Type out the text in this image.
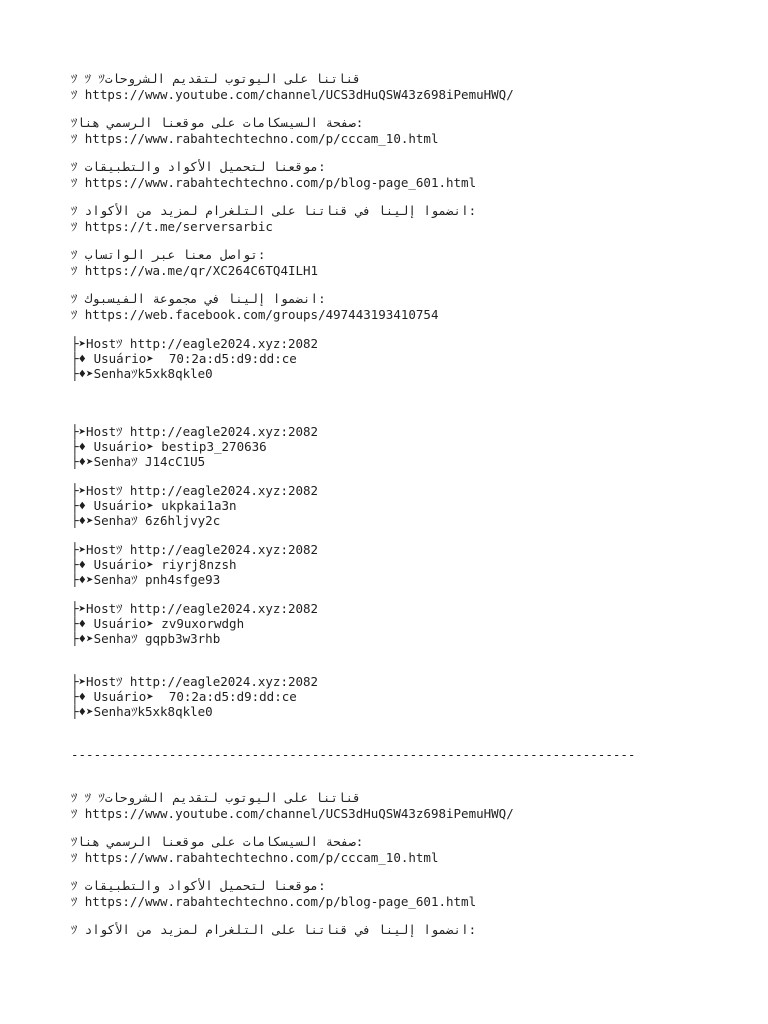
ﾂ ﾂ ﾂقناتنا على اليوتوب لتقديم الشروحات
ﾂ https://www.youtube.com/channel/UCS3dHuQSW43z698iPemuHWQ/
ﾂصفحة السيسكامات على موقعنا الرسمي هنا:
ﾂ https://www.rabahtechtechno.com/p/cccam_10.html
ﾂ موقعنا لتحميل الأكواد والتطبيقات:
ﾂ https://www.rabahtechtechno.com/p/blog-page_601.html
ﾂ انضموا إلينا في قناتنا على التلغرام لمزيد من الأكواد:
ﾂ https://t.me/serversarbic
ﾂ تواصل معنا عبر الواتساب:
ﾂ https://wa.me/qr/XC264C6TQ4ILH1
ﾂ انضموا إلينا في مجموعة الفيسبوك:
ﾂ https://web.facebook.com/groups/497443193410754
├➤Hostﾂ http://eagle2024.xyz:2082
├♦ Usuário➤  70:2a:d5:d9:dd:ce
├♦➤Senhaﾂk5xk8qkle0
├➤Hostﾂ http://eagle2024.xyz:2082
├♦ Usuário➤ bestip3_270636
├♦➤Senhaﾂ J14cC1U5
├➤Hostﾂ http://eagle2024.xyz:2082
├♦ Usuário➤ ukpkai1a3n
├♦➤Senhaﾂ 6z6hljvy2c
├➤Hostﾂ http://eagle2024.xyz:2082
├♦ Usuário➤ riyrj8nzsh
├♦➤Senhaﾂ pnh4sfge93
├➤Hostﾂ http://eagle2024.xyz:2082
├♦ Usuário➤ zv9uxorwdgh
├♦➤Senhaﾂ gqpb3w3rhb
├➤Hostﾂ http://eagle2024.xyz:2082
├♦ Usuário➤  70:2a:d5:d9:dd:ce
├♦➤Senhaﾂk5xk8qkle0
---------------------------------------------------------------------------
ﾂ ﾂ ﾂقناتنا على اليوتوب لتقديم الشروحات
ﾂ https://www.youtube.com/channel/UCS3dHuQSW43z698iPemuHWQ/
ﾂصفحة السيسكامات على موقعنا الرسمي هنا:
ﾂ https://www.rabahtechtechno.com/p/cccam_10.html
ﾂ موقعنا لتحميل الأكواد والتطبيقات:
ﾂ https://www.rabahtechtechno.com/p/blog-page_601.html
ﾂ انضموا إلينا في قناتنا على التلغرام لمزيد من الأكواد:
